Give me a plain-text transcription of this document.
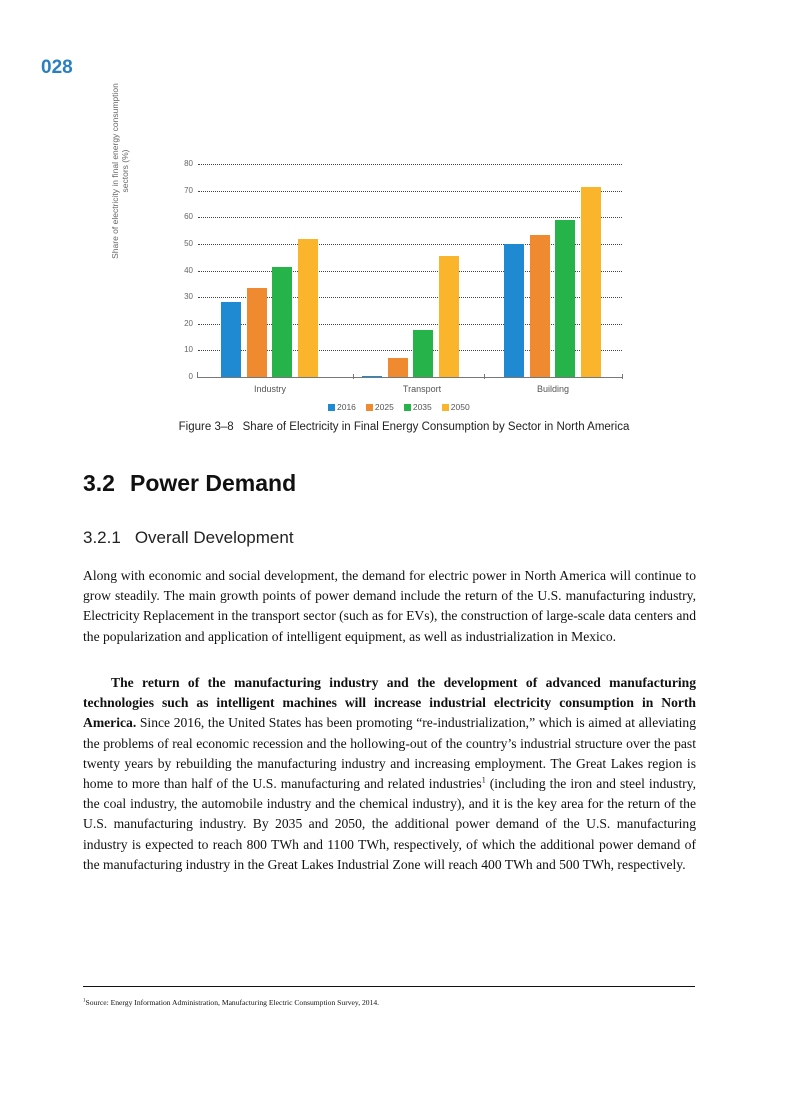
028
Share of electricity in final energy consumption sectors (%)
Industry	Transport	Building
2016 2025 2035 2050
Figure 3–8 Share of Electricity in Final Energy Consumption by Sector in North America
0
10
20
30
40
50
60
70
80
3.2 Power Demand
3.2.1 Overall Development
Along with economic and social development, the demand for electric power in North America will continue to grow steadily. The main growth points of power demand include the return of the U.S. manufacturing industry, Electricity Replacement in the transport sector (such as for EVs), the construction of large-scale data centers and the popularization and application of intelligent equipment, as well as industrialization in Mexico.
The return of the manufacturing industry and the development of advanced manufacturing technologies such as intelligent machines will increase industrial electricity consumption in North America. Since 2016, the United States has been promoting “re-industrialization,” which is aimed at alleviating the problems of real economic recession and the hollowing-out of the country’s industrial structure over the past twenty years by rebuilding the manufacturing industry and increasing employment. The Great Lakes region is home to more than half of the U.S. manufacturing and related industries$^1$ (including the iron and steel industry, the coal industry, the automobile industry and the chemical industry), and it is the key area for the return of the U.S. manufacturing industry. By 2035 and 2050, the additional power demand of the U.S. manufacturing industry is expected to reach 800 TWh and 1100 TWh, respectively, of which the additional power demand of the manufacturing industry in the Great Lakes Industrial Zone will reach 400 TWh and 500 TWh, respectively.
$^1$Source: Energy Information Administration, Manufacturing Electric Consumption Survey, 2014.
